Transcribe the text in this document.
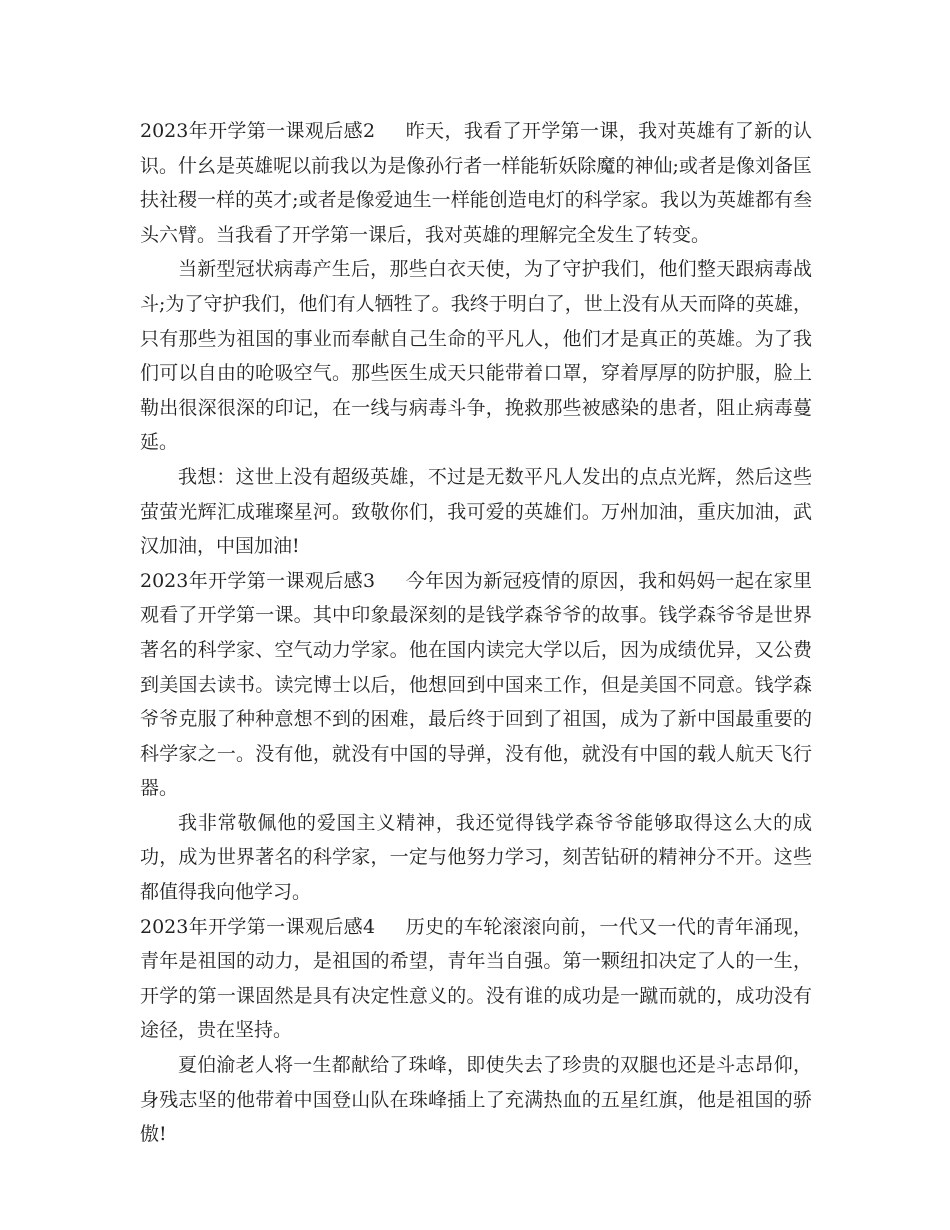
2023年开学第一课观后感2 昨天，我看了开学第一课，我对英雄有了新的认识。什幺是英雄呢以前我以为是像孙行者一样能斩妖除魔的神仙;或者是像刘备匡扶社稷一样的英才;或者是像爱迪生一样能创造电灯的科学家。我以为英雄都有叁头六臂。当我看了开学第一课后，我对英雄的理解完全发生了转变。

当新型冠状病毒产生后，那些白衣天使，为了守护我们，他们整天跟病毒战斗;为了守护我们，他们有人牺牲了。我终于明白了，世上没有从天而降的英雄，只有那些为祖国的事业而奉献自己生命的平凡人，他们才是真正的英雄。为了我们可以自由的呛吸空气。那些医生成天只能带着口罩，穿着厚厚的防护服，脸上勒出很深很深的印记，在一线与病毒斗争，挽救那些被感染的患者，阻止病毒蔓延。

我想：这世上没有超级英雄，不过是无数平凡人发出的点点光辉，然后这些萤萤光辉汇成璀璨星河。致敬你们，我可爱的英雄们。万州加油，重庆加油，武汉加油，中国加油!

2023年开学第一课观后感3 今年因为新冠疫情的原因，我和妈妈一起在家里观看了开学第一课。其中印象最深刻的是钱学森爷爷的故事。钱学森爷爷是世界著名的科学家、空气动力学家。他在国内读完大学以后，因为成绩优异，又公费到美国去读书。读完博士以后，他想回到中国来工作，但是美国不同意。钱学森爷爷克服了种种意想不到的困难，最后终于回到了祖国，成为了新中国最重要的科学家之一。没有他，就没有中国的导弹，没有他，就没有中国的载人航天飞行器。

我非常敬佩他的爱国主义精神，我还觉得钱学森爷爷能够取得这么大的成功，成为世界著名的科学家，一定与他努力学习，刻苦钻研的精神分不开。这些都值得我向他学习。

2023年开学第一课观后感4 历史的车轮滚滚向前，一代又一代的青年涌现，青年是祖国的动力，是祖国的希望，青年当自强。第一颗纽扣决定了人的一生，开学的第一课固然是具有决定性意义的。没有谁的成功是一蹴而就的，成功没有途径，贵在坚持。

夏伯渝老人将一生都献给了珠峰，即使失去了珍贵的双腿也还是斗志昂仰，身残志坚的他带着中国登山队在珠峰插上了充满热血的五星红旗，他是祖国的骄傲!
